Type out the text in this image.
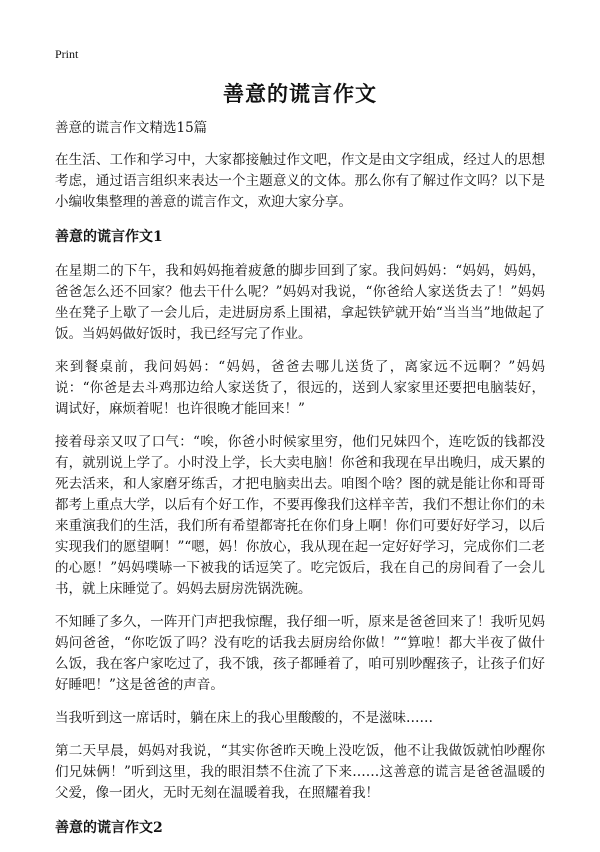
Print
善意的谎言作文
善意的谎言作文精选15篇

在生活、工作和学习中，大家都接触过作文吧，作文是由文字组成，经过人的思想考虑，通过语言组织来表达一个主题意义的文体。那么你有了解过作文吗？以下是小编收集整理的善意的谎言作文，欢迎大家分享。

善意的谎言作文1

在星期二的下午，我和妈妈拖着疲惫的脚步回到了家。我问妈妈：“妈妈，妈妈，爸爸怎么还不回家？他去干什么呢？”妈妈对我说，“你爸给人家送货去了！”妈妈坐在凳子上歇了一会儿后，走进厨房系上围裙，拿起铁铲就开始“当当当”地做起了饭。当妈妈做好饭时，我已经写完了作业。

来到餐桌前，我问妈妈：“妈妈，爸爸去哪儿送货了，离家远不远啊？”妈妈说：“你爸是去斗鸡那边给人家送货了，很远的，送到人家家里还要把电脑装好，调试好，麻烦着呢！也许很晚才能回来！”

接着母亲又叹了口气：“唉，你爸小时候家里穷，他们兄妹四个，连吃饭的钱都没有，就别说上学了。小时没上学，长大卖电脑！你爸和我现在早出晚归，成天累的死去活来，和人家磨牙练舌，才把电脑卖出去。咱图个啥？图的就是能让你和哥哥都考上重点大学，以后有个好工作，不要再像我们这样辛苦，我们不想让你们的未来重演我们的生活，我们所有希望都寄托在你们身上啊！你们可要好好学习，以后实现我们的愿望啊！”“嗯，妈！你放心，我从现在起一定好好学习，完成你们二老的心愿！”妈妈噗哧一下被我的话逗笑了。吃完饭后，我在自己的房间看了一会儿书，就上床睡觉了。妈妈去厨房洗锅洗碗。

不知睡了多久，一阵开门声把我惊醒，我仔细一听，原来是爸爸回来了！我听见妈妈问爸爸，“你吃饭了吗？没有吃的话我去厨房给你做！”“算啦！都大半夜了做什么饭，我在客户家吃过了，我不饿，孩子都睡着了，咱可别吵醒孩子，让孩子们好好睡吧！”这是爸爸的声音。

当我听到这一席话时，躺在床上的我心里酸酸的，不是滋味……

第二天早晨，妈妈对我说，“其实你爸昨天晚上没吃饭，他不让我做饭就怕吵醒你们兄妹俩！”听到这里，我的眼泪禁不住流了下来……这善意的谎言是爸爸温暖的父爱，像一团火，无时无刻在温暖着我，在照耀着我！

善意的谎言作文2
